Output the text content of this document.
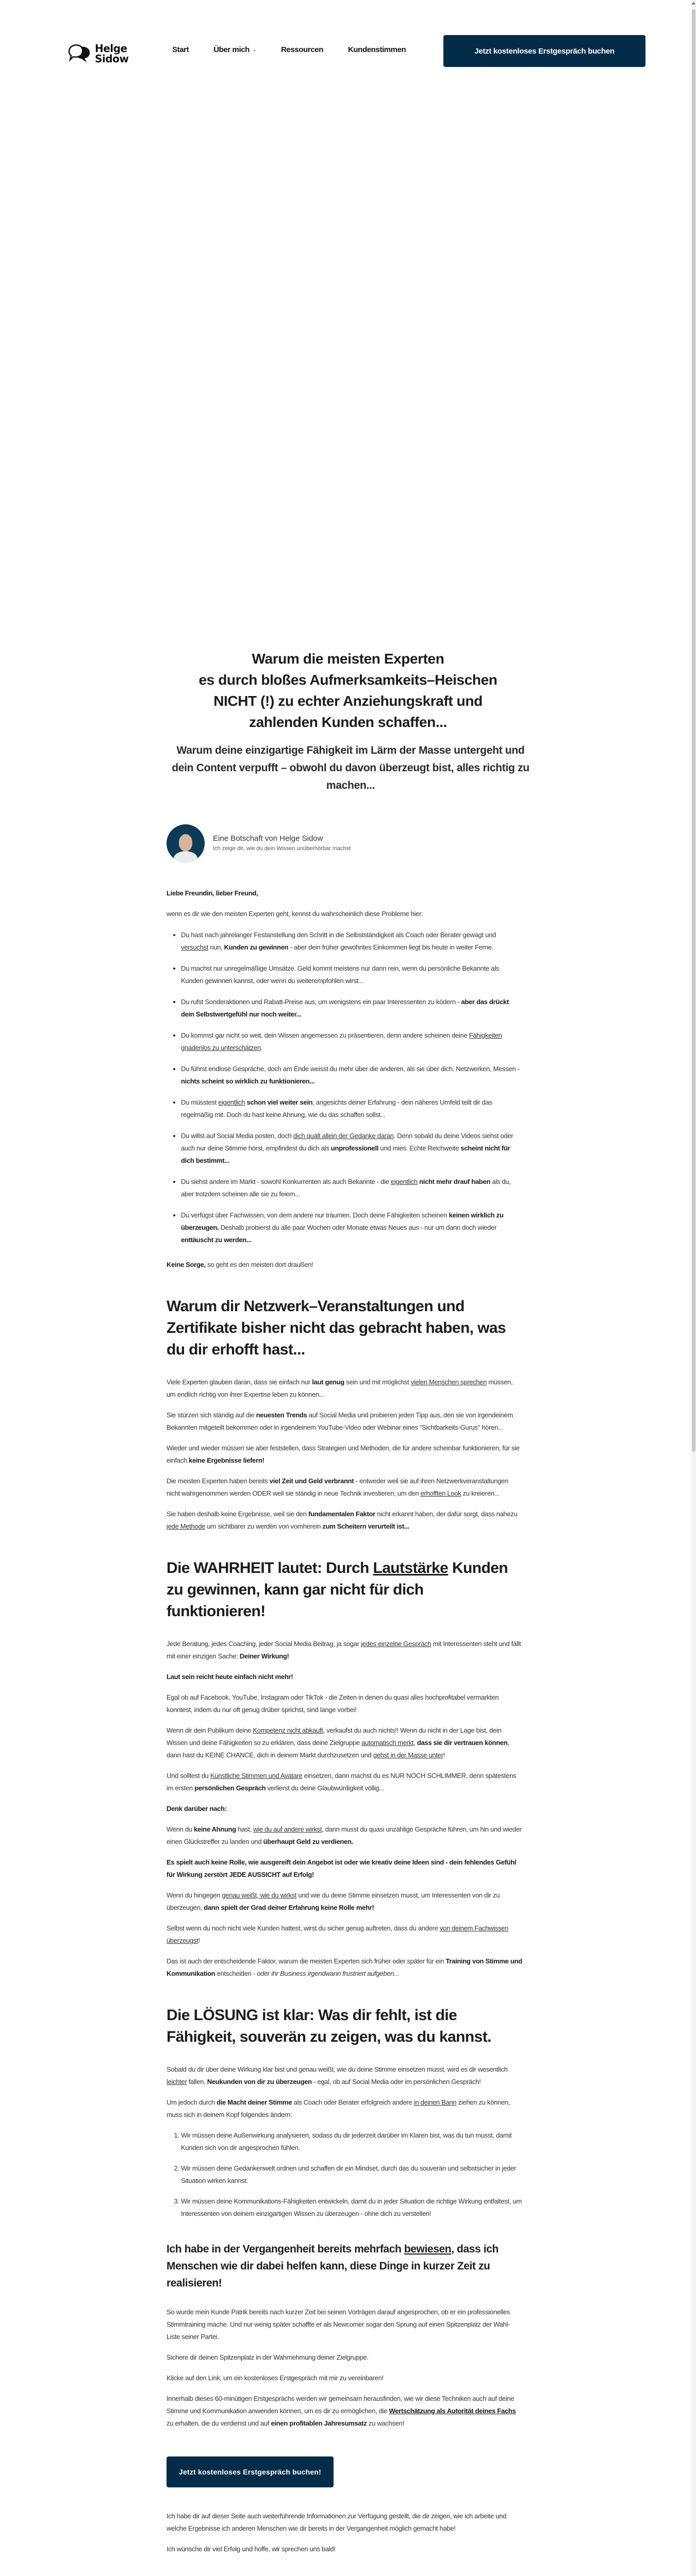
Helge
Sidow
Start	Über mich ⌄	Ressourcen	Kundenstimmen	Jetzt kostenloses Erstgespräch buchen
Warum die meisten Experten
es durch bloßes Aufmerksamkeits–Heischen
NICHT (!) zu echter Anziehungskraft und
zahlenden Kunden schaffen...

Warum deine einzigartige Fähigkeit im Lärm der Masse untergeht und dein Content verpufft – obwohl du davon überzeugt bist, alles richtig zu machen...

Eine Botschaft von Helge Sidow
Ich zeige dir, wie du dein Wissen unüberhörbar machst

Liebe Freundin, lieber Freund,

wenn es dir wie den meisten Experten geht, kennst du wahrscheinlich diese Probleme hier:

• Du hast nach jahrelanger Festanstellung den Schritt in die Selbstständigkeit als Coach oder Berater gewagt und versuchst nun, Kunden zu gewinnen - aber dein früher gewohntes Einkommen liegt bis heute in weiter Ferne.
• Du machst nur unregelmäßige Umsätze. Geld kommt meistens nur dann rein, wenn du persönliche Bekannte als Kunden gewinnen kannst, oder wenn du weiterempfohlen wirst...
• Du rufst Sonderaktionen und Rabatt-Preise aus, um wenigstens ein paar Interessenten zu ködern - aber das drückt dein Selbstwertgefühl nur noch weiter...
• Du kommst gar nicht so weit, dein Wissen angemessen zu präsentieren, denn andere scheinen deine Fähigkeiten gnadenlos zu unterschätzen.
• Du führst endlose Gespräche, doch am Ende weisst du mehr über die anderen, als sie über dich. Netzwerken, Messen - nichts scheint so wirklich zu funktionieren...
• Du müsstest eigentlich schon viel weiter sein, angesichts deiner Erfahrung - dein näheres Umfeld teilt dir das regelmäßig mit. Doch du hast keine Ahnung, wie du das schaffen sollst...
• Du willst auf Social Media posten, doch dich quält allein der Gedanke daran. Denn sobald du deine Videos siehst oder auch nur deine Stimme hörst, empfindest du dich als unprofessionell und mies. Echte Reichweite scheint nicht für dich bestimmt...
• Du siehst andere im Markt - sowohl Konkurrenten als auch Bekannte - die eigentlich nicht mehr drauf haben als du, aber trotzdem scheinen alle sie zu feiern...
• Du verfügst über Fachwissen, von dem andere nur träumen. Doch deine Fähigkeiten scheinen keinen wirklich zu überzeugen. Deshalb probierst du alle paar Wochen oder Monate etwas Neues aus - nur um dann doch wieder enttäuscht zu werden...

Keine Sorge, so geht es den meisten dort draußen!

Warum dir Netzwerk–Veranstaltungen und Zertifikate bisher nicht das gebracht haben, was du dir erhofft hast...

Viele Experten glauben daran, dass sie einfach nur laut genug sein und mit möglichst vielen Menschen sprechen müssen, um endlich richtig von ihrer Expertise leben zu können...

Sie stürzen sich ständig auf die neuesten Trends auf Social Media und probieren jeden Tipp aus, den sie von irgendeinem Bekannten mitgeteilt bekommen oder in irgendeinem YouTube-Video oder Webinar eines "Sichtbarkeits-Gurus" hören...

Wieder und wieder müssen sie aber feststellen, dass Strategien und Methoden, die für andere scheinbar funktionieren, für sie einfach keine Ergebnisse liefern!

Die meisten Experten haben bereits viel Zeit und Geld verbrannt - entweder weil sie auf ihren Netzwerkveranstaltungen nicht wahrgenommen werden ODER weil sie ständig in neue Technik investieren, um den erhofften Look zu kreieren...

Sie haben deshalb keine Ergebnisse, weil sie den fundamentalen Faktor nicht erkannt haben, der dafür sorgt, dass nahezu jede Methode um sichtbarer zu werden von vornherein zum Scheitern verurteilt ist...

Die WAHRHEIT lautet: Durch Lautstärke Kunden zu gewinnen, kann gar nicht für dich funktionieren!

Jede Beratung, jedes Coaching, jeder Social Media Beitrag, ja sogar jedes einzelne Gespräch mit Interessenten steht und fällt mit einer einzigen Sache: Deiner Wirkung!

Laut sein reicht heute einfach nicht mehr!

Egal ob auf Facebook, YouTube, Instagram oder TikTok - die Zeiten in denen du quasi alles hochprofitabel vermarkten konntest, indem du nur oft genug drüber sprichst, sind lange vorbei!

Wenn dir dein Publikum deine Kompetenz nicht abkauft, verkaufst du auch nichts!! Wenn du nicht in der Lage bist, dein Wissen und deine Fähigkeiten so zu erklären, dass deine Zielgruppe automatisch merkt, dass sie dir vertrauen können, dann hast du KEINE CHANCE, dich in deinem Markt durchzusetzen und gehst in der Masse unter!

Und solltest du Künstliche Stimmen und Avatare einsetzen, dann machst du es NUR NOCH SCHLIMMER, denn spätestens im ersten persönlichen Gespräch verlierst du deine Glaubwürdigkeit völlig...

Denk darüber nach:

Wenn du keine Ahnung hast, wie du auf andere wirkst, dann musst du quasi unzählige Gespräche führen, um hin und wieder einen Glückstreffer zu landen und überhaupt Geld zu verdienen.

Es spielt auch keine Rolle, wie ausgereift dein Angebot ist oder wie kreativ deine Ideen sind - dein fehlendes Gefühl für Wirkung zerstört JEDE AUSSICHT auf Erfolg!

Wenn du hingegen genau weißt, wie du wirkst und wie du deine Stimme einsetzen musst, um Interessenten von dir zu überzeugen, dann spielt der Grad deiner Erfahrung keine Rolle mehr!

Selbst wenn du noch nicht viele Kunden hattest, wirst du sicher genug auftreten, dass du andere von deinem Fachwissen überzeugst!

Das ist auch der entscheidende Faktor, warum die meisten Experten sich früher oder später für ein Training von Stimme und Kommunikation entscheiden - oder ihr Business irgendwann frustriert aufgeben...

Die LÖSUNG ist klar: Was dir fehlt, ist die Fähigkeit, souverän zu zeigen, was du kannst.

Sobald du dir über deine Wirkung klar bist und genau weißt, wie du deine Stimme einsetzen musst, wird es dir wesentlich leichter fallen, Neukunden von dir zu überzeugen - egal, ob auf Social Media oder im persönlichen Gespräch!

Um jedoch durch die Macht deiner Stimme als Coach oder Berater erfolgreich andere in deinen Bann ziehen zu können, muss sich in deinem Kopf folgendes ändern:

1. Wir müssen deine Außenwirkung analysieren, sodass du dir jederzeit darüber im Klaren bist, was du tun musst, damit Kunden sich von dir angesprochen fühlen.
2. Wir müssen deine Gedankenwelt ordnen und schaffen dir ein Mindset, durch das du souverän und selbstsicher in jeder Situation wirken kannst.
3. Wir müssen deine Kommunikations-Fähigkeiten entwickeln, damit du in jeder Situation die richtige Wirkung entfaltest, um Interessenten von deinem einzigartigen Wissen zu überzeugen - ohne dich zu verstellen!
Ich habe in der Vergangenheit bereits mehrfach bewiesen, dass ich Menschen wie dir dabei helfen kann, diese Dinge in kurzer Zeit zu realisieren!

So wurde mein Kunde Patrik bereits nach kurzer Zeit bei seinen Vorträgen darauf angesprochen, ob er ein professionelles Stimmtraining mache. Und nur wenig später schaffte er als Newcomer sogar den Sprung auf einen Spitzenplatz der Wahl-Liste seiner Partei.

Sichere dir deinen Spitzenplatz in der Wahrnehmung deiner Zielgruppe.

Klicke auf den Link, um ein kostenloses Erstgespräch mit mir zu vereinbaren!

Innerhalb dieses 60-minütigen Erstgesprächs werden wir gemeinsam herausfinden, wie wir diese Techniken auch auf deine Stimme und Kommunikation anwenden können, um es dir zu ermöglichen, die Wertschätzung als Autorität deines Fachs zu erhalten, die du verdienst und auf einen profitablen Jahresumsatz zu wachsen!

Jetzt kostenloses Erstgespräch buchen!

Ich habe dir auf dieser Seite auch weiterführende Informationen zur Verfügung gestellt, die dir zeigen, wie ich arbeite und welche Ergebnisse ich anderen Menschen wie dir bereits in der Vergangenheit möglich gemacht habe!

Ich wünsche dir viel Erfolg und hoffe, wir sprechen uns bald!
